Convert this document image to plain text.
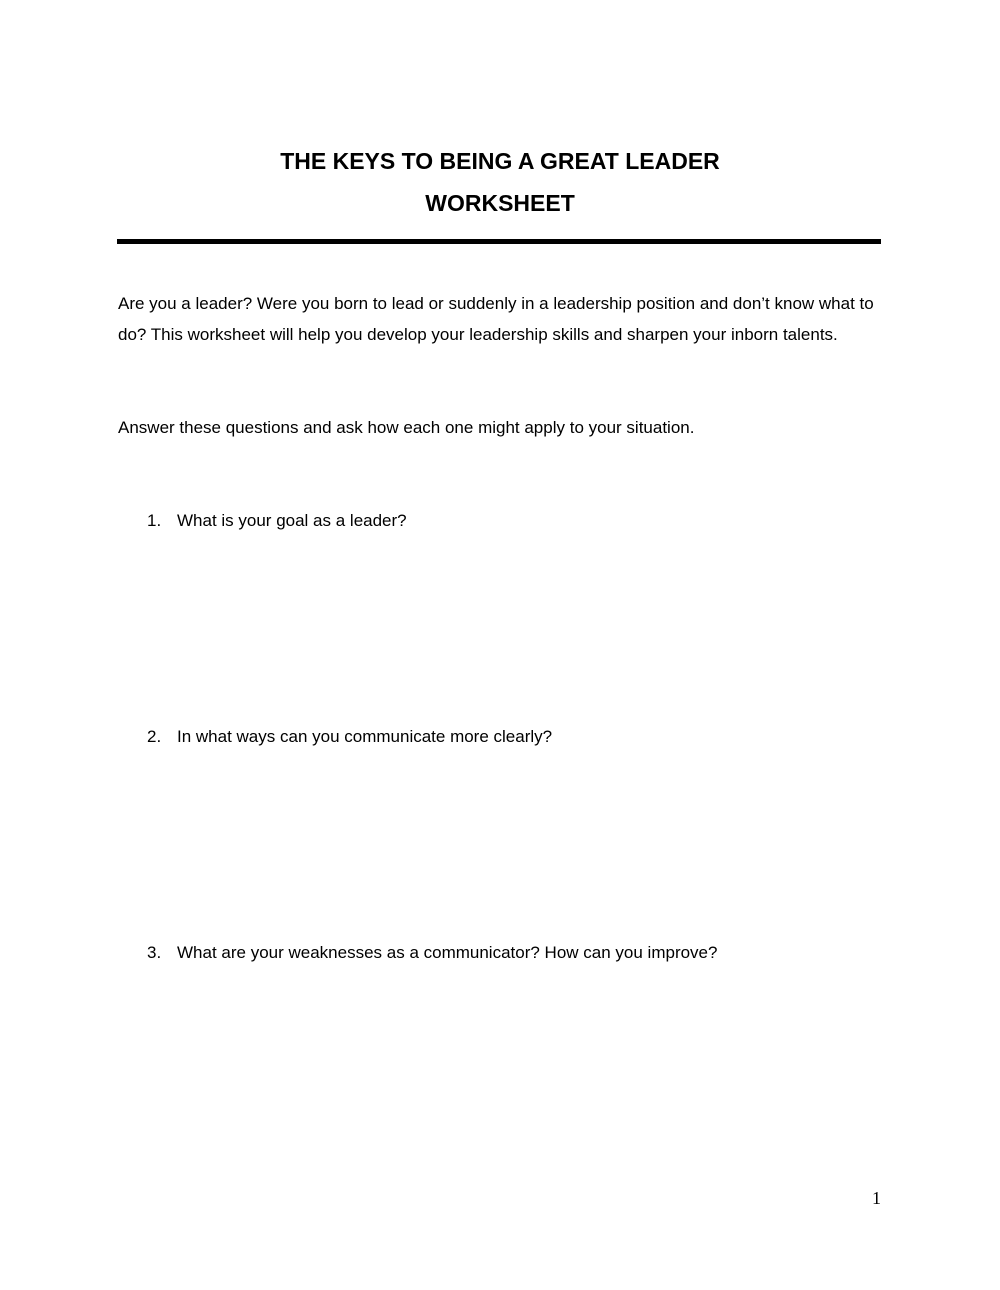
THE KEYS TO BEING A GREAT LEADER
WORKSHEET
Are you a leader? Were you born to lead or suddenly in a leadership position and don’t know what to do? This worksheet will help you develop your leadership skills and sharpen your inborn talents.
Answer these questions and ask how each one might apply to your situation.
1. What is your goal as a leader?
2. In what ways can you communicate more clearly?
3. What are your weaknesses as a communicator? How can you improve?
1
